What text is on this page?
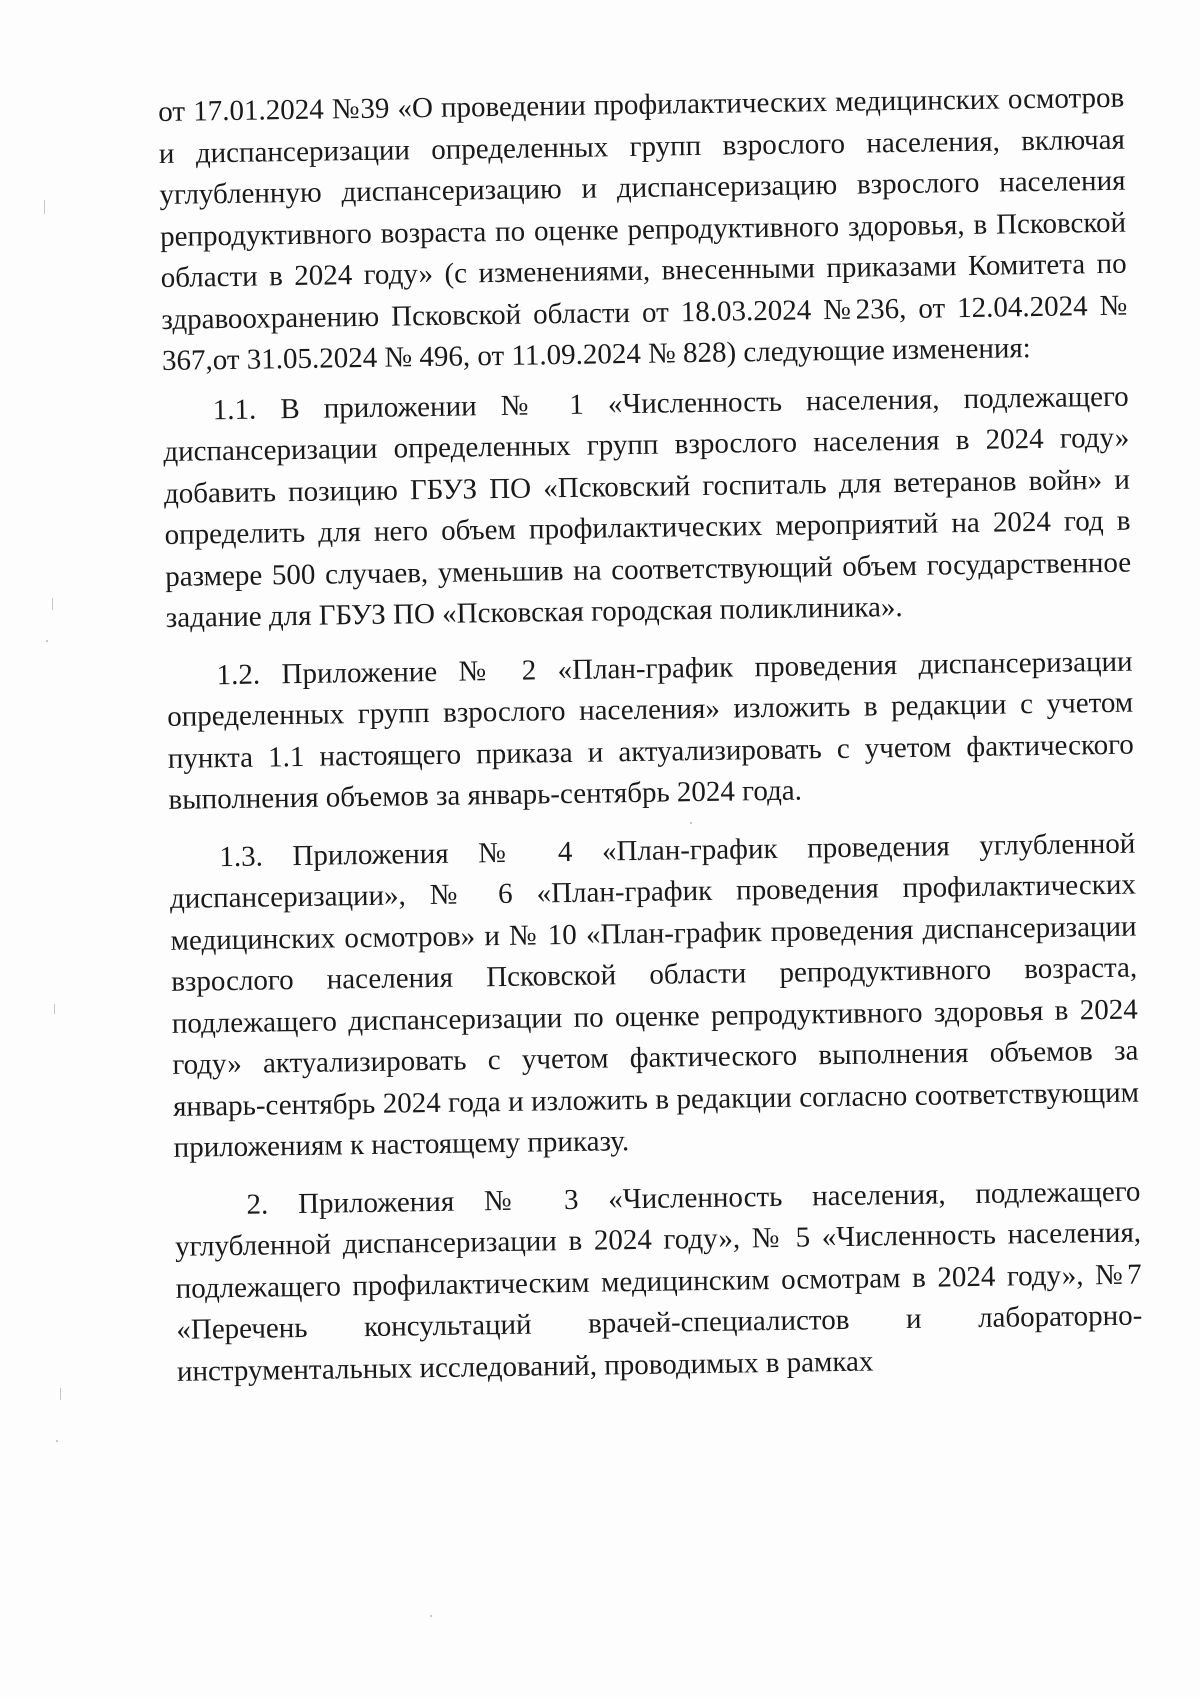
от 17.01.2024 №39 «О проведении профилактических медицинских осмотров и диспансеризации определенных групп взрослого населения, включая углубленную диспансеризацию и диспансеризацию взрослого населения репродуктивного возраста по оценке репродуктивного здоровья, в Псковской области в 2024 году» (с изменениями, внесенными приказами Комитета по здравоохранению Псковской области от 18.03.2024 №236, от 12.04.2024 № 367,от 31.05.2024 № 496, от 11.09.2024 № 828) следующие изменения:

1.1. В приложении № 1 «Численность населения, подлежащего диспансеризации определенных групп взрослого населения в 2024 году» добавить позицию ГБУЗ ПО «Псковский госпиталь для ветеранов войн» и определить для него объем профилактических мероприятий на 2024 год в размере 500 случаев, уменьшив на соответствующий объем государственное задание для ГБУЗ ПО «Псковская городская поликлиника».

1.2. Приложение № 2 «План-график проведения диспансеризации определенных групп взрослого населения» изложить в редакции с учетом пункта 1.1 настоящего приказа и актуализировать с учетом фактического выполнения объемов за январь-сентябрь 2024 года.

1.3. Приложения № 4 «План-график проведения углубленной диспансеризации», № 6 «План-график проведения профилактических медицинских осмотров» и № 10 «План-график проведения диспансеризации взрослого населения Псковской области репродуктивного возраста, подлежащего диспансеризации по оценке репродуктивного здоровья в 2024 году» актуализировать с учетом фактического выполнения объемов за январь-сентябрь 2024 года и изложить в редакции согласно соответствующим приложениям к настоящему приказу.

2. Приложения № 3 «Численность населения, подлежащего углубленной диспансеризации в 2024 году», № 5 «Численность населения, подлежащего профилактическим медицинским осмотрам в 2024 году», №7 «Перечень консультаций врачей-специалистов и лабораторно-инструментальных исследований, проводимых в рамках
